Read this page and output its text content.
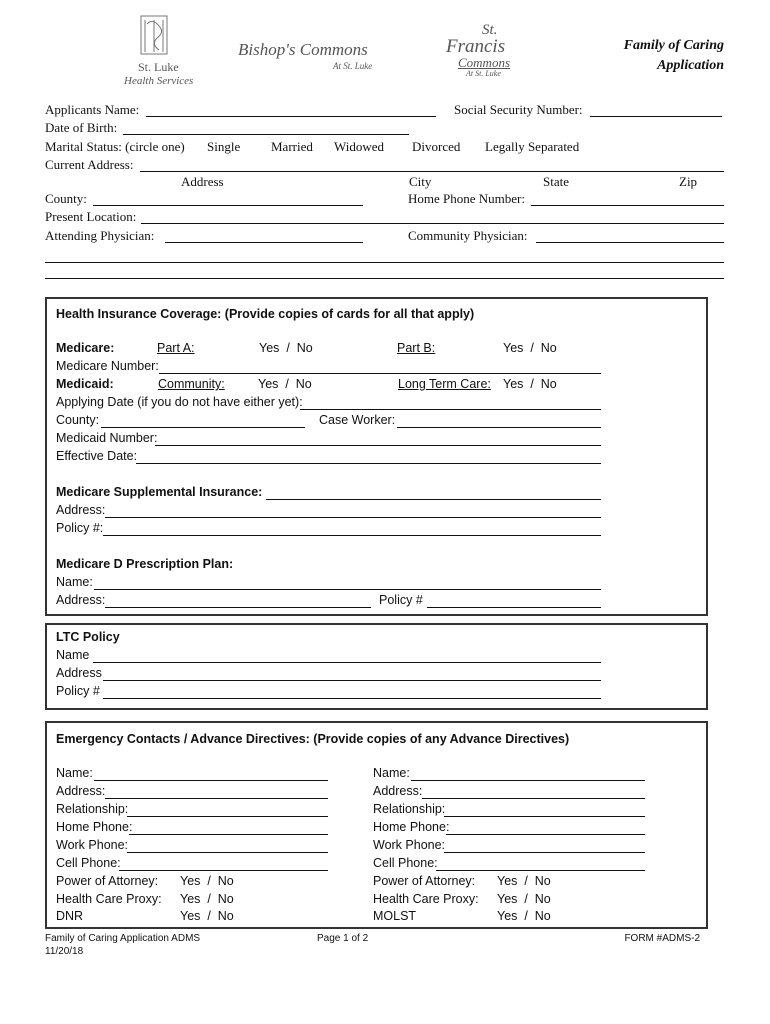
St. Luke
Health Services
Bishop's Commons
At St. Luke
St.
Francis
Commons
At St. Luke
Family of Caring
Application
Applicants Name:	Social Security Number:
Date of Birth:
Marital Status: (circle one) Single Married Widowed Divorced Legally Separated
Current Address:
Address	City	State	Zip
County:	Home Phone Number:
Present Location:
Attending Physician:	Community Physician:
Health Insurance Coverage: (Provide copies of cards for all that apply)
Medicare:	Part A:	Yes  /  No	Part B:	Yes  /  No
Medicare Number:
Medicaid:	Community:	Yes  /  No	Long Term Care: Yes  /  No
Applying Date (if you do not have either yet):
County:	Case Worker:
Medicaid Number:
Effective Date:
Medicare Supplemental Insurance:
Address:
Policy #:
Medicare D Prescription Plan:
Name:
Address:	Policy #
LTC Policy
Name
Address
Policy #
Emergency Contacts / Advance Directives: (Provide copies of any Advance Directives)
Name:
Address:
Relationship:
Home Phone:
Work Phone:
Cell Phone:
Power of Attorney: Yes  /  No
Health Care Proxy: Yes  /  No
DNR	Yes  /  No
Name:
Address:
Relationship:
Home Phone:
Work Phone:
Cell Phone:
Power of Attorney: Yes  /  No
Health Care Proxy: Yes  /  No
MOLST	Yes  /  No
Family of Caring Application ADMS
11/20/18
Page 1 of 2	FORM #ADMS-2
